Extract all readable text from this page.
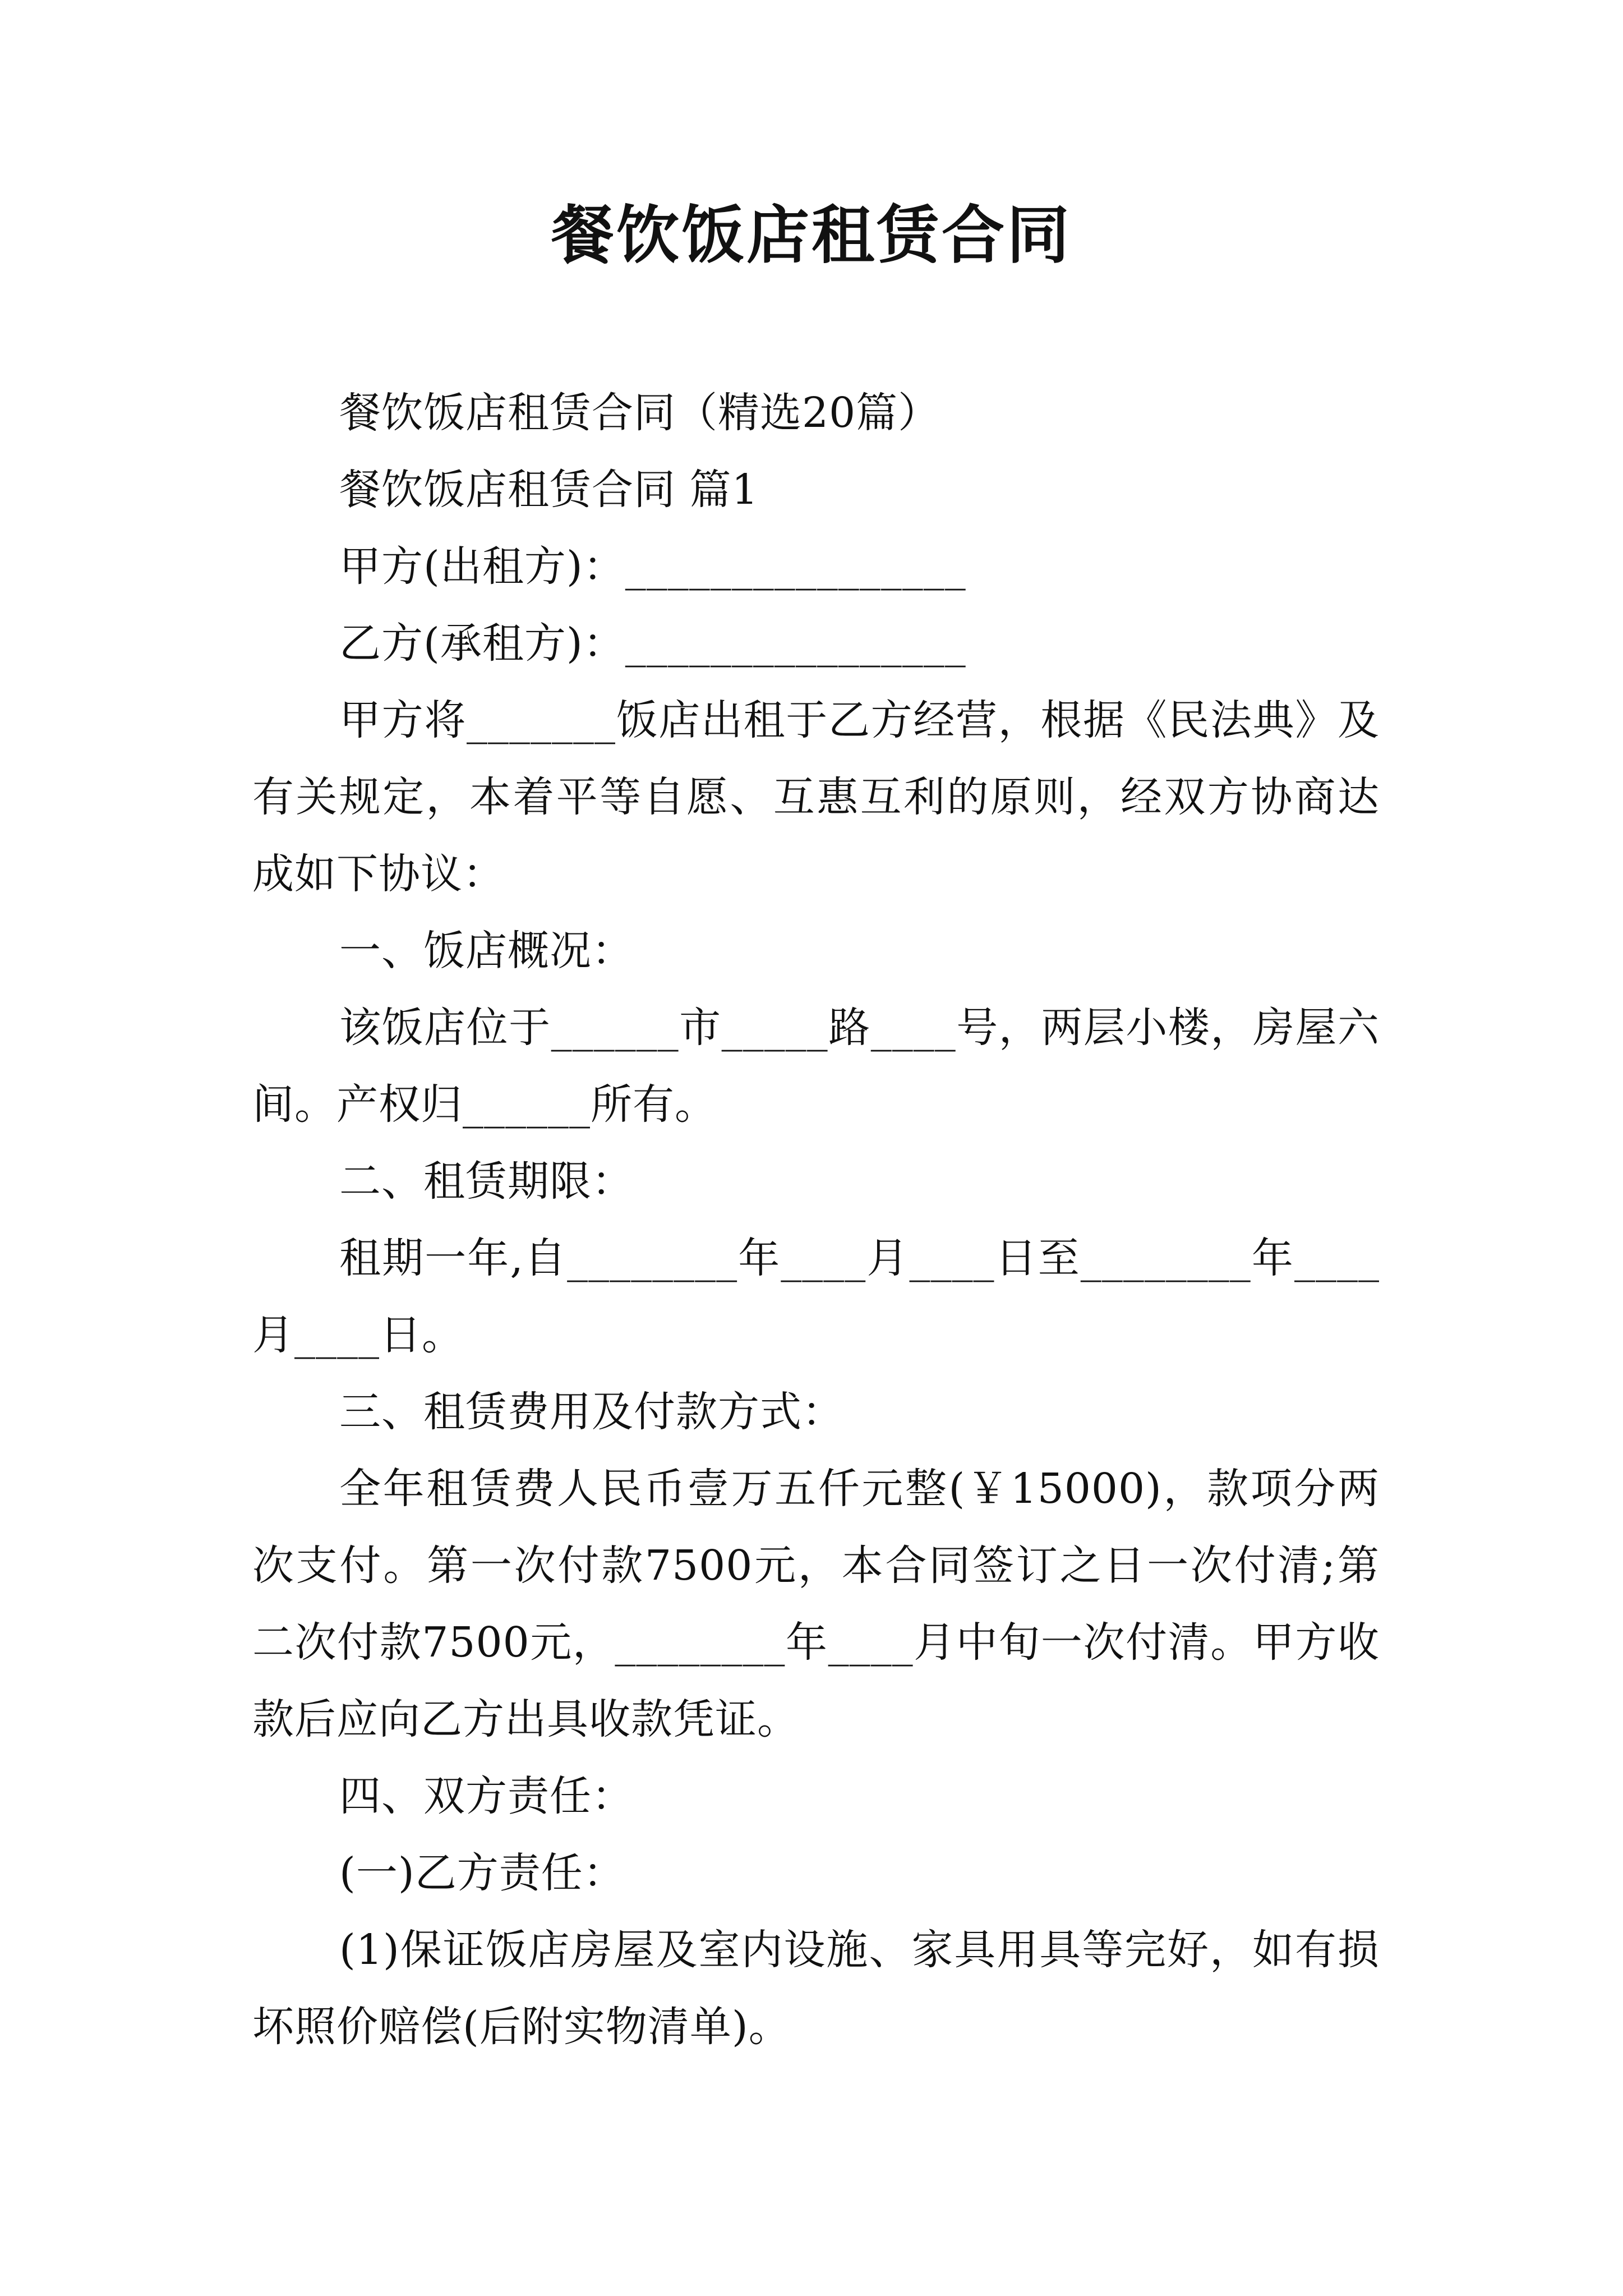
餐饮饭店租赁合同

餐饮饭店租赁合同（精选20篇）

餐饮饭店租赁合同 篇1

甲方(出租方)：________________

乙方(承租方)：________________

甲方将_______饭店出租于乙方经营，根据《民法典》及有关规定，本着平等自愿、互惠互利的原则，经双方协商达成如下协议：

一、饭店概况：

该饭店位于______市_____路____号，两层小楼，房屋六间。产权归______所有。

二、租赁期限：

租期一年,自________年____月____日至________年____月____日。

三、租赁费用及付款方式：

全年租赁费人民币壹万五仟元整(￥15000)，款项分两次支付。第一次付款7500元，本合同签订之日一次付清;第二次付款7500元，________年____月中旬一次付清。甲方收款后应向乙方出具收款凭证。

四、双方责任：

(一)乙方责任：

(1)保证饭店房屋及室内设施、家具用具等完好，如有损坏照价赔偿(后附实物清单)。
